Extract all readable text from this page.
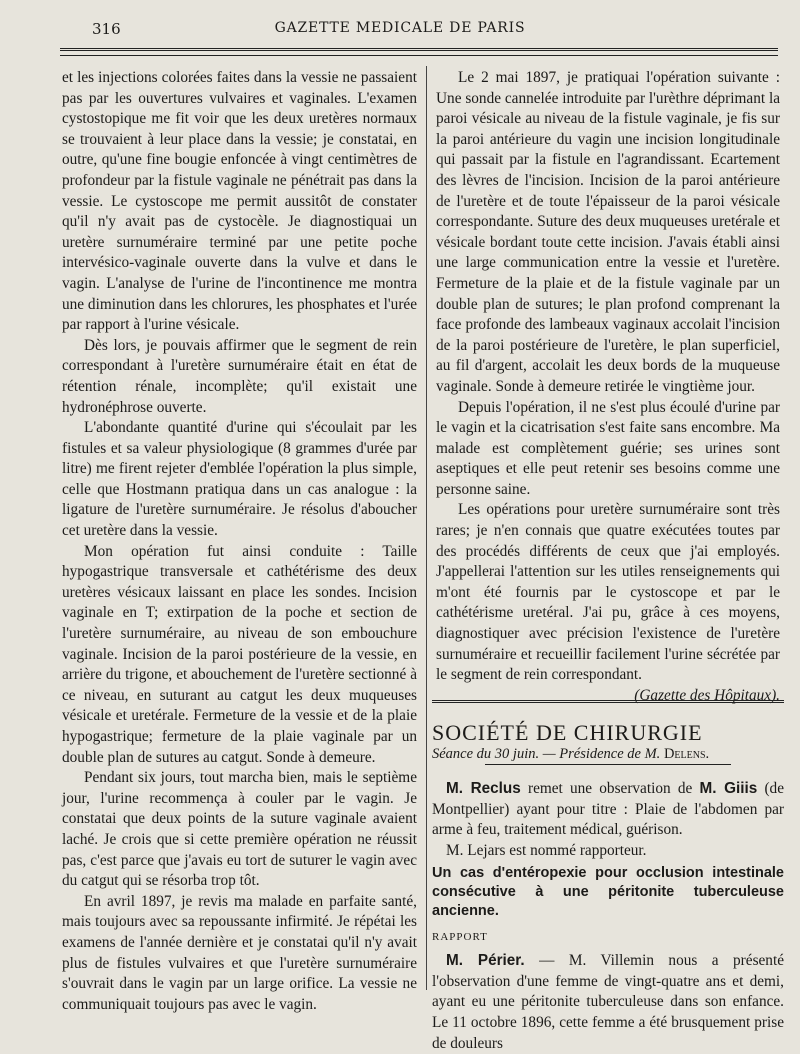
316	GAZETTE MEDICALE DE PARIS

et les injections colorées faites dans la vessie ne passaient pas par les ouvertures vulvaires et vaginales. L'examen cystostopique me fit voir que les deux uretères normaux se trouvaient à leur place dans la vessie; je constatai, en outre, qu'une fine bougie enfoncée à vingt centimètres de profondeur par la fistule vaginale ne pénétrait pas dans la vessie. Le cystoscope me permit aussitôt de constater qu'il n'y avait pas de cystocèle. Je diagnostiquai un uretère surnuméraire terminé par une petite poche intervésico-vaginale ouverte dans la vulve et dans le vagin. L'analyse de l'urine de l'incontinence me montra une diminution dans les chlorures, les phosphates et l'urée par rapport à l'urine vésicale.

Dès lors, je pouvais affirmer que le segment de rein correspondant à l'uretère surnuméraire était en état de rétention rénale, incomplète; qu'il existait une hydronéphrose ouverte.

L'abondante quantité d'urine qui s'écoulait par les fistules et sa valeur physiologique (8 grammes d'urée par litre) me firent rejeter d'emblée l'opération la plus simple, celle que Hostmann pratiqua dans un cas analogue : la ligature de l'uretère surnuméraire. Je résolus d'aboucher cet uretère dans la vessie.

Mon opération fut ainsi conduite : Taille hypogastrique transversale et cathétérisme des deux uretères vésicaux laissant en place les sondes. Incision vaginale en T; extirpation de la poche et section de l'uretère surnuméraire, au niveau de son embouchure vaginale. Incision de la paroi postérieure de la vessie, en arrière du trigone, et abouchement de l'uretère sectionné à ce niveau, en suturant au catgut les deux muqueuses vésicale et uretérale. Fermeture de la vessie et de la plaie hypogastrique; fermeture de la plaie vaginale par un double plan de sutures au catgut. Sonde à demeure.

Pendant six jours, tout marcha bien, mais le septième jour, l'urine recommença à couler par le vagin. Je constatai que deux points de la suture vaginale avaient laché. Je crois que si cette première opération ne réussit pas, c'est parce que j'avais eu tort de suturer le vagin avec du catgut qui se résorba trop tôt.

En avril 1897, je revis ma malade en parfaite santé, mais toujours avec sa repoussante infirmité. Je répétai les examens de l'année dernière et je constatai qu'il n'y avait plus de fistules vulvaires et que l'uretère surnuméraire s'ouvrait dans le vagin par un large orifice. La vessie ne communiquait toujours pas avec le vagin.

Le 2 mai 1897, je pratiquai l'opération suivante : Une sonde cannelée introduite par l'urèthre déprimant la paroi vésicale au niveau de la fistule vaginale, je fis sur la paroi antérieure du vagin une incision longitudinale qui passait par la fistule en l'agrandissant. Ecartement des lèvres de l'incision. Incision de la paroi antérieure de l'uretère et de toute l'épaisseur de la paroi vésicale correspondante. Suture des deux muqueuses uretérale et vésicale bordant toute cette incision. J'avais établi ainsi une large communication entre la vessie et l'uretère. Fermeture de la plaie et de la fistule vaginale par un double plan de sutures; le plan profond comprenant la face profonde des lambeaux vaginaux accolait l'incision de la paroi postérieure de l'uretère, le plan superficiel, au fil d'argent, accolait les deux bords de la muqueuse vaginale. Sonde à demeure retirée le vingtième jour.

Depuis l'opération, il ne s'est plus écoulé d'urine par le vagin et la cicatrisation s'est faite sans encombre. Ma malade est complètement guérie; ses urines sont aseptiques et elle peut retenir ses besoins comme une personne saine.

Les opérations pour uretère surnuméraire sont très rares; je n'en connais que quatre exécutées toutes par des procédés différents de ceux que j'ai employés. J'appellerai l'attention sur les utiles renseignements qui m'ont été fournis par le cystoscope et par le cathétérisme uretéral. J'ai pu, grâce à ces moyens, diagnostiquer avec précision l'existence de l'uretère surnuméraire et recueillir facilement l'urine sécrétée par le segment de rein correspondant.

(Gazette des Hôpitaux).

SOCIÉTÉ DE CHIRURGIE

Séance du 30 juin. — Présidence de M. Delens.

M. Reclus remet une observation de M. Giiis (de Montpellier) ayant pour titre : Plaie de l'abdomen par arme à feu, traitement médical, guérison.

M. Lejars est nommé rapporteur.

Un cas d'entéropexie pour occlusion intestinale consécutive à une péritonite tuberculeuse ancienne.

RAPPORT

M. Périer. — M. Villemin nous a présenté l'observation d'une femme de vingt-quatre ans et demi, ayant eu une péritonite tuberculeuse dans son enfance. Le 11 octobre 1896, cette femme a été brusquement prise de douleurs
